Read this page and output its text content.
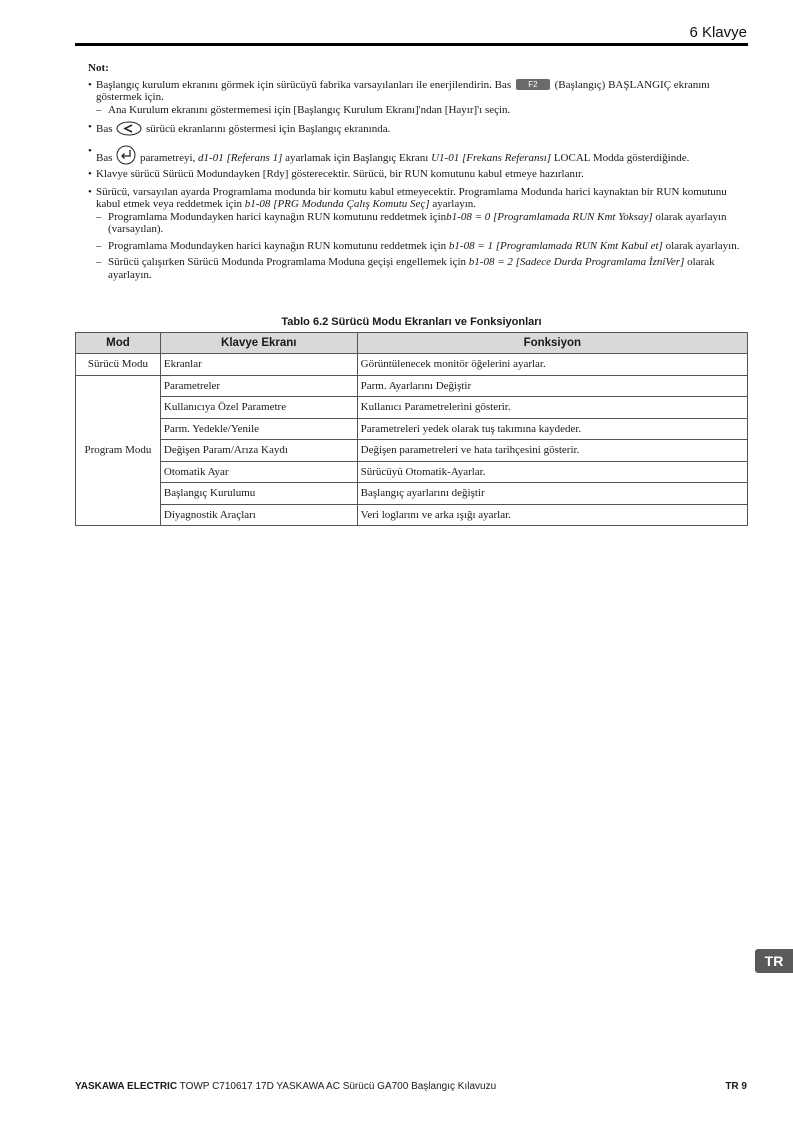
6 Klavye
Not:
• Başlangıç kurulum ekranını görmek için sürücüyü fabrika varsayılanları ile enerjilendirin. Bas F2 (Başlangıç) BAŞLANGIÇ ekranını göstermek için.
– Ana Kurulum ekranını göstermemesi için [Başlangıç Kurulum Ekranı]'ndan [Hayır]'ı seçin.
• Bas	sürücü ekranlarını göstermesi için Başlangıç ekranında.
•
Bas	parametreyi, d1-01 [Referans 1] ayarlamak için Başlangıç Ekranı U1-01 [Frekans Referansı] LOCAL Modda gösterdiğinde.
• Klavye sürücü Sürücü Modundayken [Rdy] gösterecektir. Sürücü, bir RUN komutunu kabul etmeye hazırlanır.
• Sürücü, varsayılan ayarda Programlama modunda bir komutu kabul etmeyecektir. Programlama Modunda harici kaynaktan bir RUN komutunu kabul etmek veya reddetmek için b1-08 [PRG Modunda Çalış Komutu Seç] ayarlayın.
– Programlama Modundayken harici kaynağın RUN komutunu reddetmek içinb1-08 = 0 [Programlamada RUN Kmt Yoksay] olarak ayarlayın (varsayılan).
– Programlama Modundayken harici kaynağın RUN komutunu reddetmek için b1-08 = 1 [Programlamada RUN Kmt Kabul et] olarak ayarlayın.
– Sürücü çalışırken Sürücü Modunda Programlama Moduna geçişi engellemek için b1-08 = 2 [Sadece Durda Programlama İzniVer] olarak ayarlayın.
Tablo 6.2 Sürücü Modu Ekranları ve Fonksiyonları
Mod	Klavye Ekranı	Fonksiyon
Sürücü Modu	Ekranlar	Görüntülenecek monitör öğelerini ayarlar.
Program Modu	Parametreler	Parm. Ayarlarını Değiştir
	Kullanıcıya Özel Parametre	Kullanıcı Parametrelerini gösterir.
	Parm. Yedekle/Yenile	Parametreleri yedek olarak tuş takımına kaydeder.
	Değişen Param/Arıza Kaydı	Değişen parametreleri ve hata tarihçesini gösterir.
	Otomatik Ayar	Sürücüyü Otomatik-Ayarlar.
	Başlangıç Kurulumu	Başlangıç ayarlarını değiştir
	Diyagnostik Araçları	Veri loglarını ve arka ışığı ayarlar.
TR
YASKAWA ELECTRIC TOWP C710617 17D YASKAWA AC Sürücü GA700 Başlangıç Kılavuzu	TR 9
